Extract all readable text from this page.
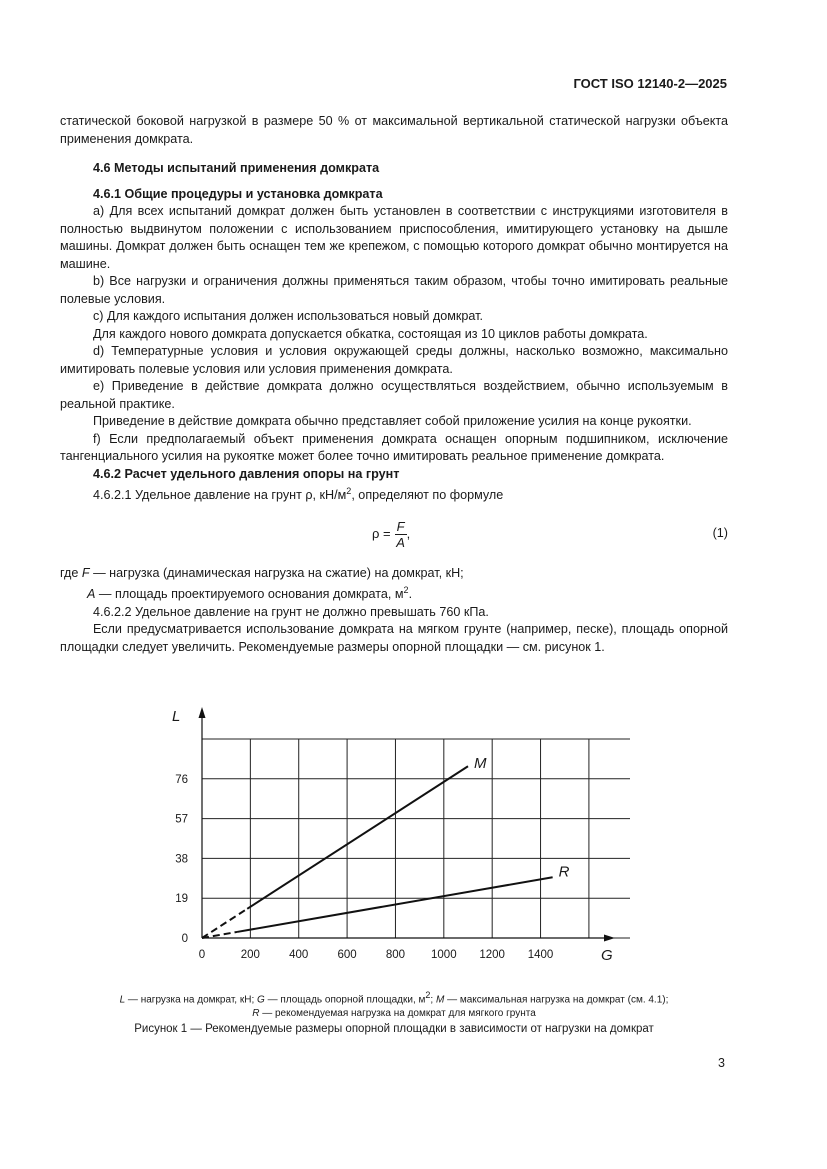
ГОСТ ISO 12140-2—2025

статической боковой нагрузкой в размере 50 % от максимальной вертикальной статической нагрузки объекта применения домкрата.

4.6 Методы испытаний применения домкрата

4.6.1 Общие процедуры и установка домкрата

a) Для всех испытаний домкрат должен быть установлен в соответствии с инструкциями изготовителя в полностью выдвинутом положении с использованием приспособления, имитирующего установку на дышле машины. Домкрат должен быть оснащен тем же крепежом, с помощью которого домкрат обычно монтируется на машине.

b) Все нагрузки и ограничения должны применяться таким образом, чтобы точно имитировать реальные полевые условия.

c) Для каждого испытания должен использоваться новый домкрат.

Для каждого нового домкрата допускается обкатка, состоящая из 10 циклов работы домкрата.

d) Температурные условия и условия окружающей среды должны, насколько возможно, максимально имитировать полевые условия или условия применения домкрата.

e) Приведение в действие домкрата должно осуществляться воздействием, обычно используемым в реальной практике.

Приведение в действие домкрата обычно представляет собой приложение усилия на конце рукоятки.

f) Если предполагаемый объект применения домкрата оснащен опорным подшипником, исключение тангенциального усилия на рукоятке может более точно имитировать реальное применение домкрата.

4.6.2 Расчет удельного давления опоры на грунт

4.6.2.1 Удельное давление на грунт ρ, $кН/м^2$, определяют по формуле

$\rho = \frac{F}{A}$ ,	(1)

где F — нагрузка (динамическая нагрузка на сжатие) на домкрат, кН;

A — площадь проектируемого основания домкрата, $м^2$.

4.6.2.2 Удельное давление на грунт не должно превышать 760 кПа.

Если предусматривается использование домкрата на мягком грунте (например, песке), площадь опорной площадки следует увеличить. Рекомендуемые размеры опорной площадки — см. рисунок 1.

L
G
0	200	400	600	800 1000 1200 1400
0
19
38
57
76
M
R
L — нагрузка на домкрат, кН; G — площадь опорной площадки, $м^2$; M — максимальная нагрузка на домкрат (см. 4.1);
R — рекомендуемая нагрузка на домкрат для мягкого грунта
Рисунок 1 — Рекомендуемые размеры опорной площадки в зависимости от нагрузки на домкрат
3
